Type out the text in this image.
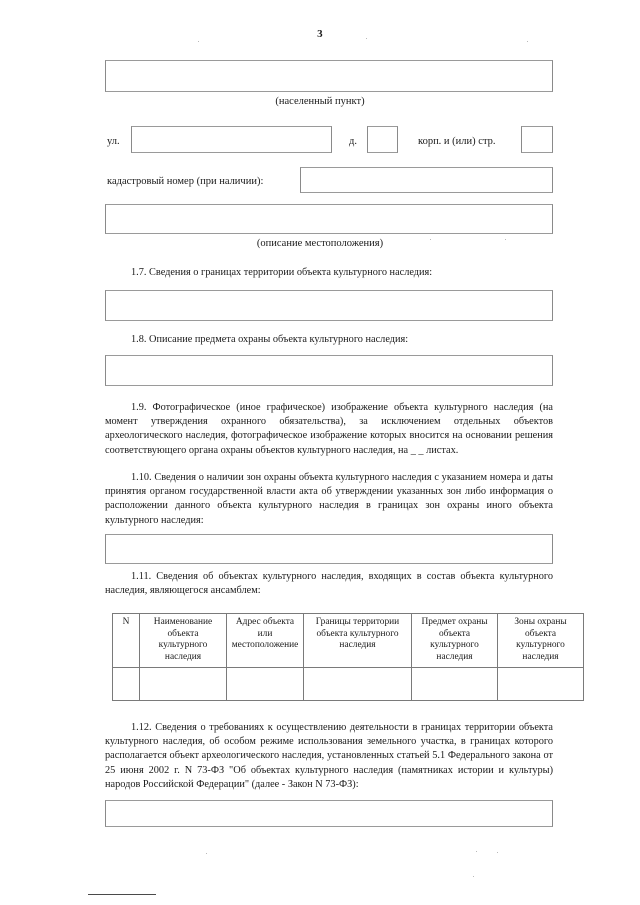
3
(населенный пункт)
ул.	д.	корп. и (или) стр.
кадастровый номер (при наличии):
(описание местоположения)
1.7. Сведения о границах территории объекта культурного наследия:
1.8. Описание предмета охраны объекта культурного наследия:
1.9. Фотографическое (иное графическое) изображение объекта культурного наследия (на момент утверждения охранного обязательства), за исключением отдельных объектов археологического наследия, фотографическое изображение которых вносится на основании решения соответствующего органа охраны объектов культурного наследия, на _ _ листах.
1.10. Сведения о наличии зон охраны объекта культурного наследия с указанием номера и даты принятия органом государственной власти акта об утверждении указанных зон либо информация о расположении данного объекта культурного наследия в границах зон охраны иного объекта культурного наследия:
1.11. Сведения об объектах культурного наследия, входящих в состав объекта культурного наследия, являющегося ансамблем:
N	Наименование объекта культурного наследия	Адрес объекта или местоположение	Границы территории объекта культурного наследия	Предмет охраны объекта культурного наследия	Зоны охраны объекта культурного наследия

1.12. Сведения о требованиях к осуществлению деятельности в границах территории объекта культурного наследия, об особом режиме использования земельного участка, в границах которого располагается объект археологического наследия, установленных статьей 5.1 Федерального закона от 25 июня 2002 г. N 73-ФЗ "Об объектах культурного наследия (памятниках истории и культуры) народов Российской Федерации" (далее - Закон N 73-ФЗ):
